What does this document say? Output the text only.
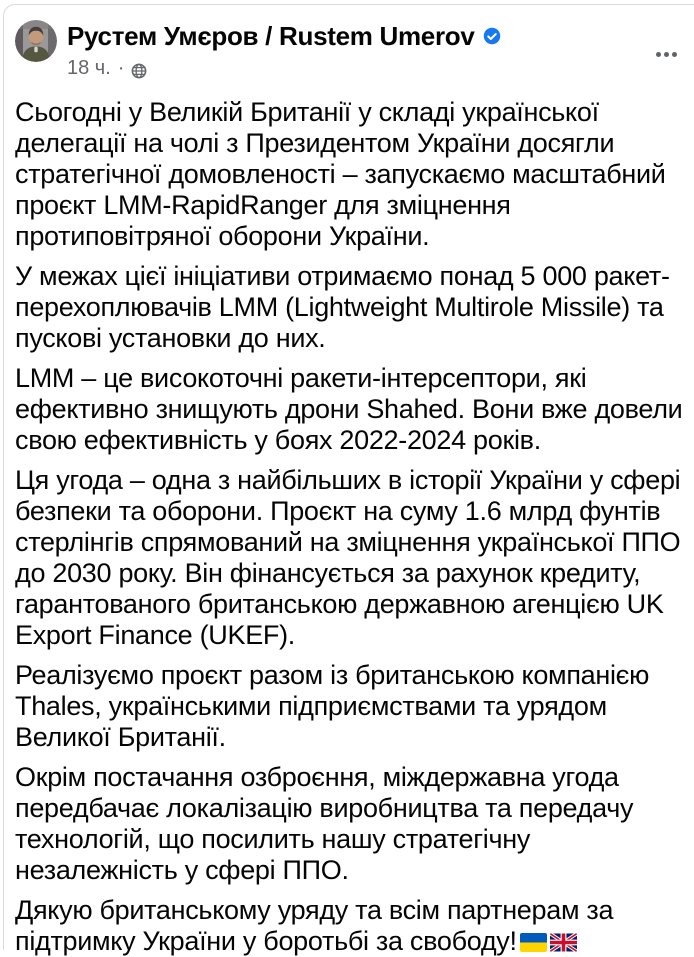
Рустем Умєров / Rustem Umerov
18 ч. ·

Сьогодні у Великій Британії у складі української делегації на чолі з Президентом України досягли стратегічної домовленості – запускаємо масштабний проєкт LMM-RapidRanger для зміцнення протиповітряної оборони України.

У межах цієї ініціативи отримаємо понад 5 000 ракет-перехоплювачів LMM (Lightweight Multirole Missile) та пускові установки до них.

LMM – це високоточні ракети-інтерсептори, які ефективно знищують дрони Shahed. Вони вже довели свою ефективність у боях 2022-2024 років.

Ця угода – одна з найбільших в історії України у сфері безпеки та оборони. Проєкт на суму 1.6 млрд фунтів стерлінгів спрямований на зміцнення української ППО до 2030 року. Він фінансується за рахунок кредиту, гарантованого британською державною агенцією UK Export Finance (UKEF).

Реалізуємо проєкт разом із британською компанією Thales, українськими підприємствами та урядом Великої Британії.

Окрім постачання озброєння, міждержавна угода передбачає локалізацію виробництва та передачу технологій, що посилить нашу стратегічну незалежність у сфері ППО.

Дякую британському уряду та всім партнерам за підтримку України у боротьбі за свободу!
